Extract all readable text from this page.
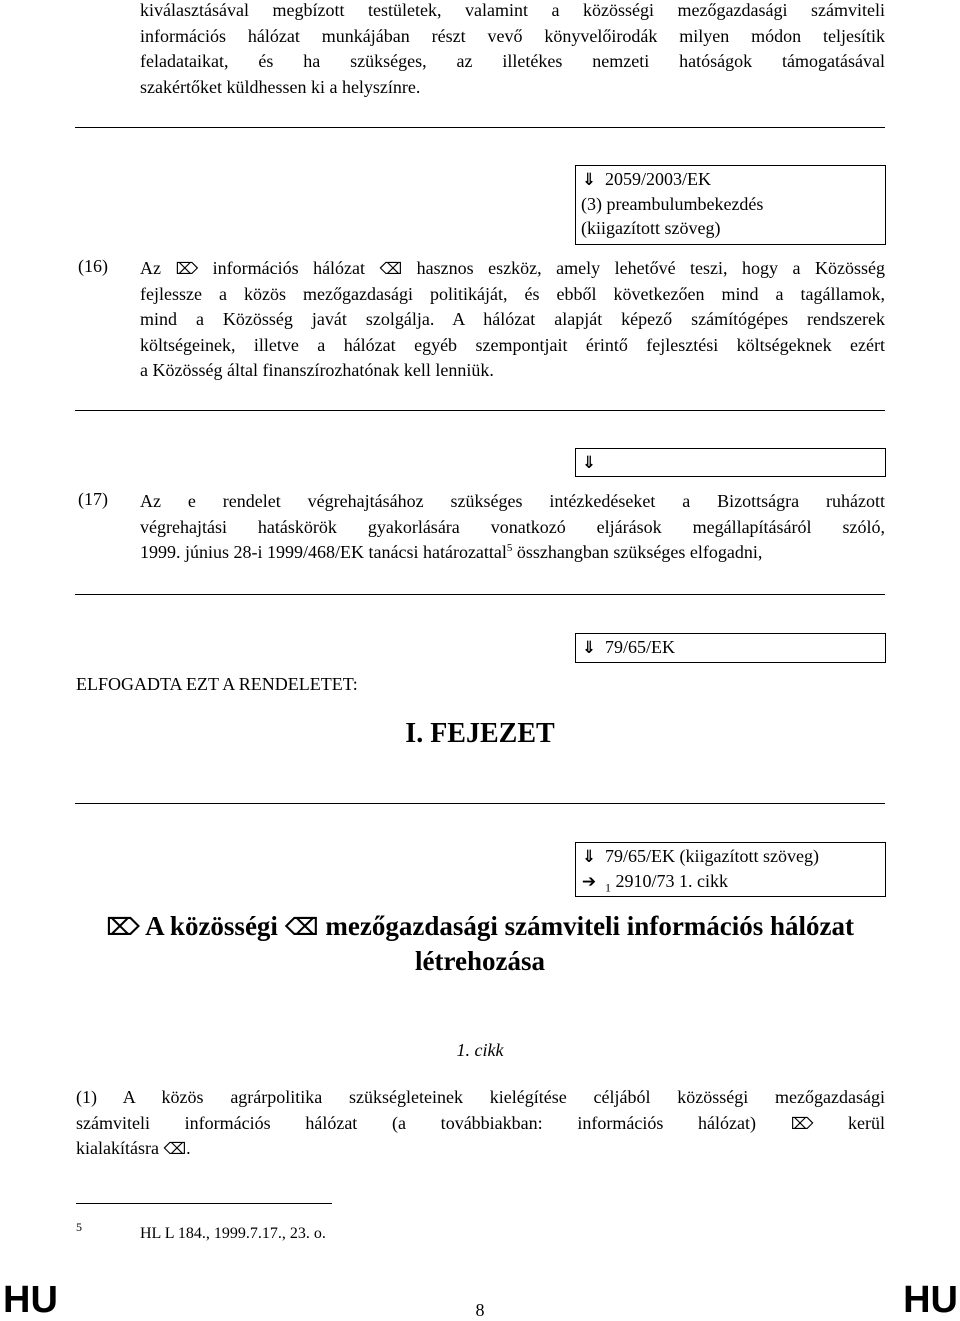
kiválasztásával megbízott testületek, valamint a közösségi mezőgazdasági számviteli
információs hálózat munkájában részt vevő könyvelőirodák milyen módon teljesítik
feladataikat, és ha szükséges, az illetékes nemzeti hatóságok támogatásával
szakértőket küldhessen ki a helyszínre.
⇓ 2059/2003/EK
(3) preambulumbekezdés
(kiigazított szöveg)
(16) Az ⌦ információs hálózat ⌫ hasznos eszköz, amely lehetővé teszi, hogy a Közösség
fejlessze a közös mezőgazdasági politikáját, és ebből következően mind a tagállamok,
mind a Közösség javát szolgálja. A hálózat alapját képező számítógépes rendszerek
költségeinek, illetve a hálózat egyéb szempontjait érintő fejlesztési költségeknek ezért
a Közösség által finanszírozhatónak kell lenniük.
⇓
(17) Az e rendelet végrehajtásához szükséges intézkedéseket a Bizottságra ruházott
végrehajtási hatáskörök gyakorlására vonatkozó eljárások megállapításáról szóló,
1999. június 28-i 1999/468/EK tanácsi határozattal$^5$ összhangban szükséges elfogadni,
⇓ 79/65/EK
ELFOGADTA EZT A RENDELETET:
I. FEJEZET
⇓ 79/65/EK (kiigazított szöveg)
➔ $_1$ 2910/73 1. cikk
⌦ A közösségi ⌫ mezőgazdasági számviteli információs hálózat
létrehozása
1. cikk
(1) A közös agrárpolitika szükségleteinek kielégítése céljából közösségi mezőgazdasági
számviteli információs hálózat (a továbbiakban: információs hálózat) ⌦ kerül
kialakításra ⌫.
5	HL L 184., 1999.7.17., 23. o.
HU	8	HU
